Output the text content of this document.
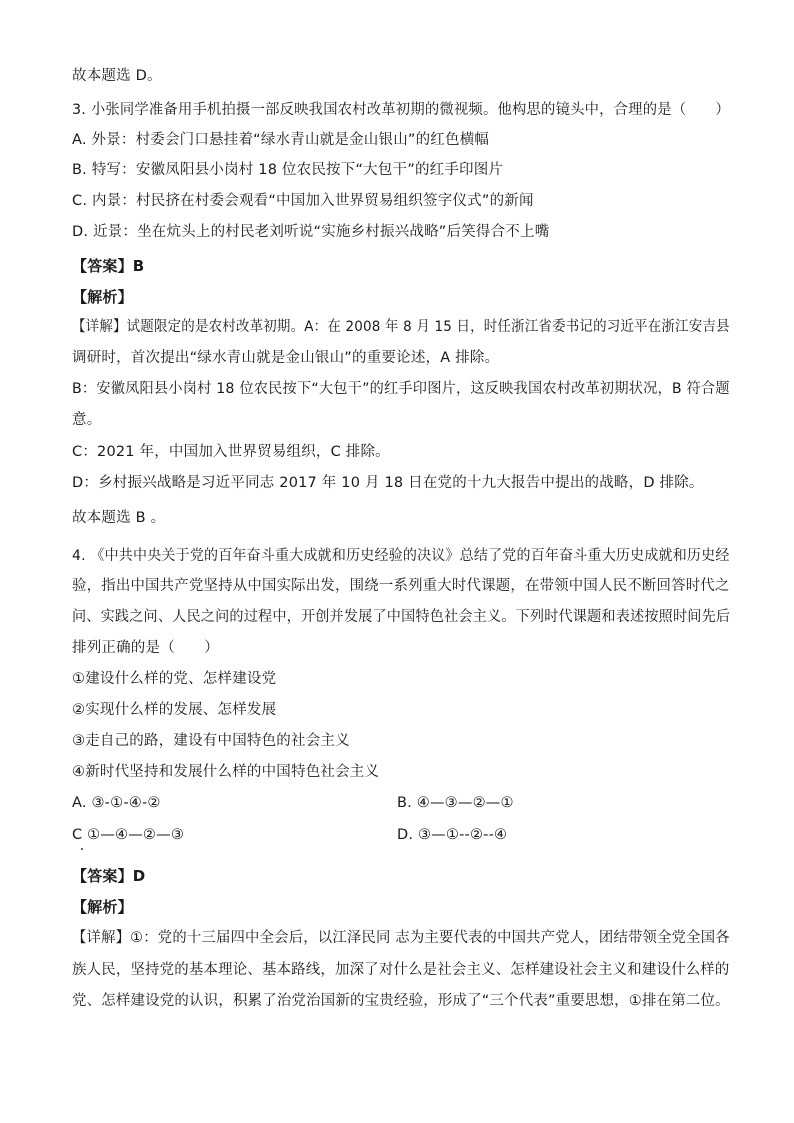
故本题选 D。
3. 小张同学准备用手机拍摄一部反映我国农村改革初期的微视频。他构思的镜头中，合理的是（　　）
A. 外景：村委会门口悬挂着“绿水青山就是金山银山”的红色横幅
B. 特写：安徽凤阳县小岗村 18 位农民按下“大包干”的红手印图片
C. 内景：村民挤在村委会观看“中国加入世界贸易组织签字仪式”的新闻
D. 近景：坐在炕头上的村民老刘听说“实施乡村振兴战略”后笑得合不上嘴
【答案】B
【解析】
【详解】试题限定的是农村改革初期。A：在 2008 年 8 月 15 日，时任浙江省委书记的习近平在浙江安吉县
调研时，首次提出“绿水青山就是金山银山”的重要论述，A 排除。
B：安徽凤阳县小岗村 18 位农民按下“大包干”的红手印图片，这反映我国农村改革初期状况，B 符合题
意。
C：2021 年，中国加入世界贸易组织，C 排除。
D：乡村振兴战略是习近平同志 2017 年 10 月 18 日在党的十九大报告中提出的战略，D 排除。
故本题选 B 。
4. 《中共中央关于党的百年奋斗重大成就和历史经验的决议》总结了党的百年奋斗重大历史成就和历史经
验，指出中国共产党坚持从中国实际出发，围绕一系列重大时代课题，在带领中国人民不断回答时代之
问、实践之问、人民之问的过程中，开创并发展了中国特色社会主义。下列时代课题和表述按照时间先后
排列正确的是（　　）
①建设什么样的党、怎样建设党
②实现什么样的发展、怎样发展
③走自己的路，建设有中国特色的社会主义
④新时代坚持和发展什么样的中国特色社会主义
A. ③-①-④-②	B. ④—③—②—①
C ①—④—②—③	D. ③—①--②--④
【答案】D
【解析】
【详解】①：党的十三届四中全会后，以江泽民同 志为主要代表的中国共产党人，团结带领全党全国各
族人民，坚持党的基本理论、基本路线，加深了对什么是社会主义、怎样建设社会主义和建设什么样的
党、怎样建设党的认识，积累了治党治国新的宝贵经验，形成了“三个代表”重要思想，①排在第二位。
